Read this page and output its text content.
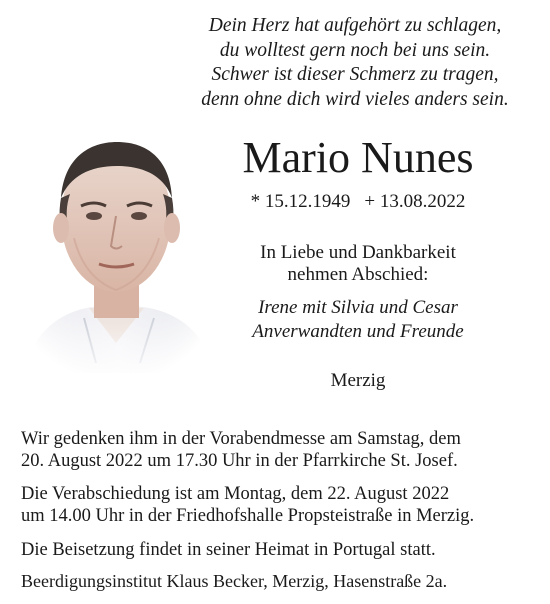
Dein Herz hat aufgehört zu schlagen,
du wolltest gern noch bei uns sein.
Schwer ist dieser Schmerz zu tragen,
denn ohne dich wird vieles anders sein.
Mario Nunes
* 15.12.1949 + 13.08.2022
In Liebe und Dankbarkeit
nehmen Abschied:
Irene mit Silvia und Cesar
Anverwandten und Freunde
Merzig
Wir gedenken ihm in der Vorabendmesse am Samstag, dem
20. August 2022 um 17.30 Uhr in der Pfarrkirche St. Josef.
Die Verabschiedung ist am Montag, dem 22. August 2022
um 14.00 Uhr in der Friedhofshalle Propsteistraße in Merzig.
Die Beisetzung findet in seiner Heimat in Portugal statt.
Beerdigungsinstitut Klaus Becker, Merzig, Hasenstraße 2a.
